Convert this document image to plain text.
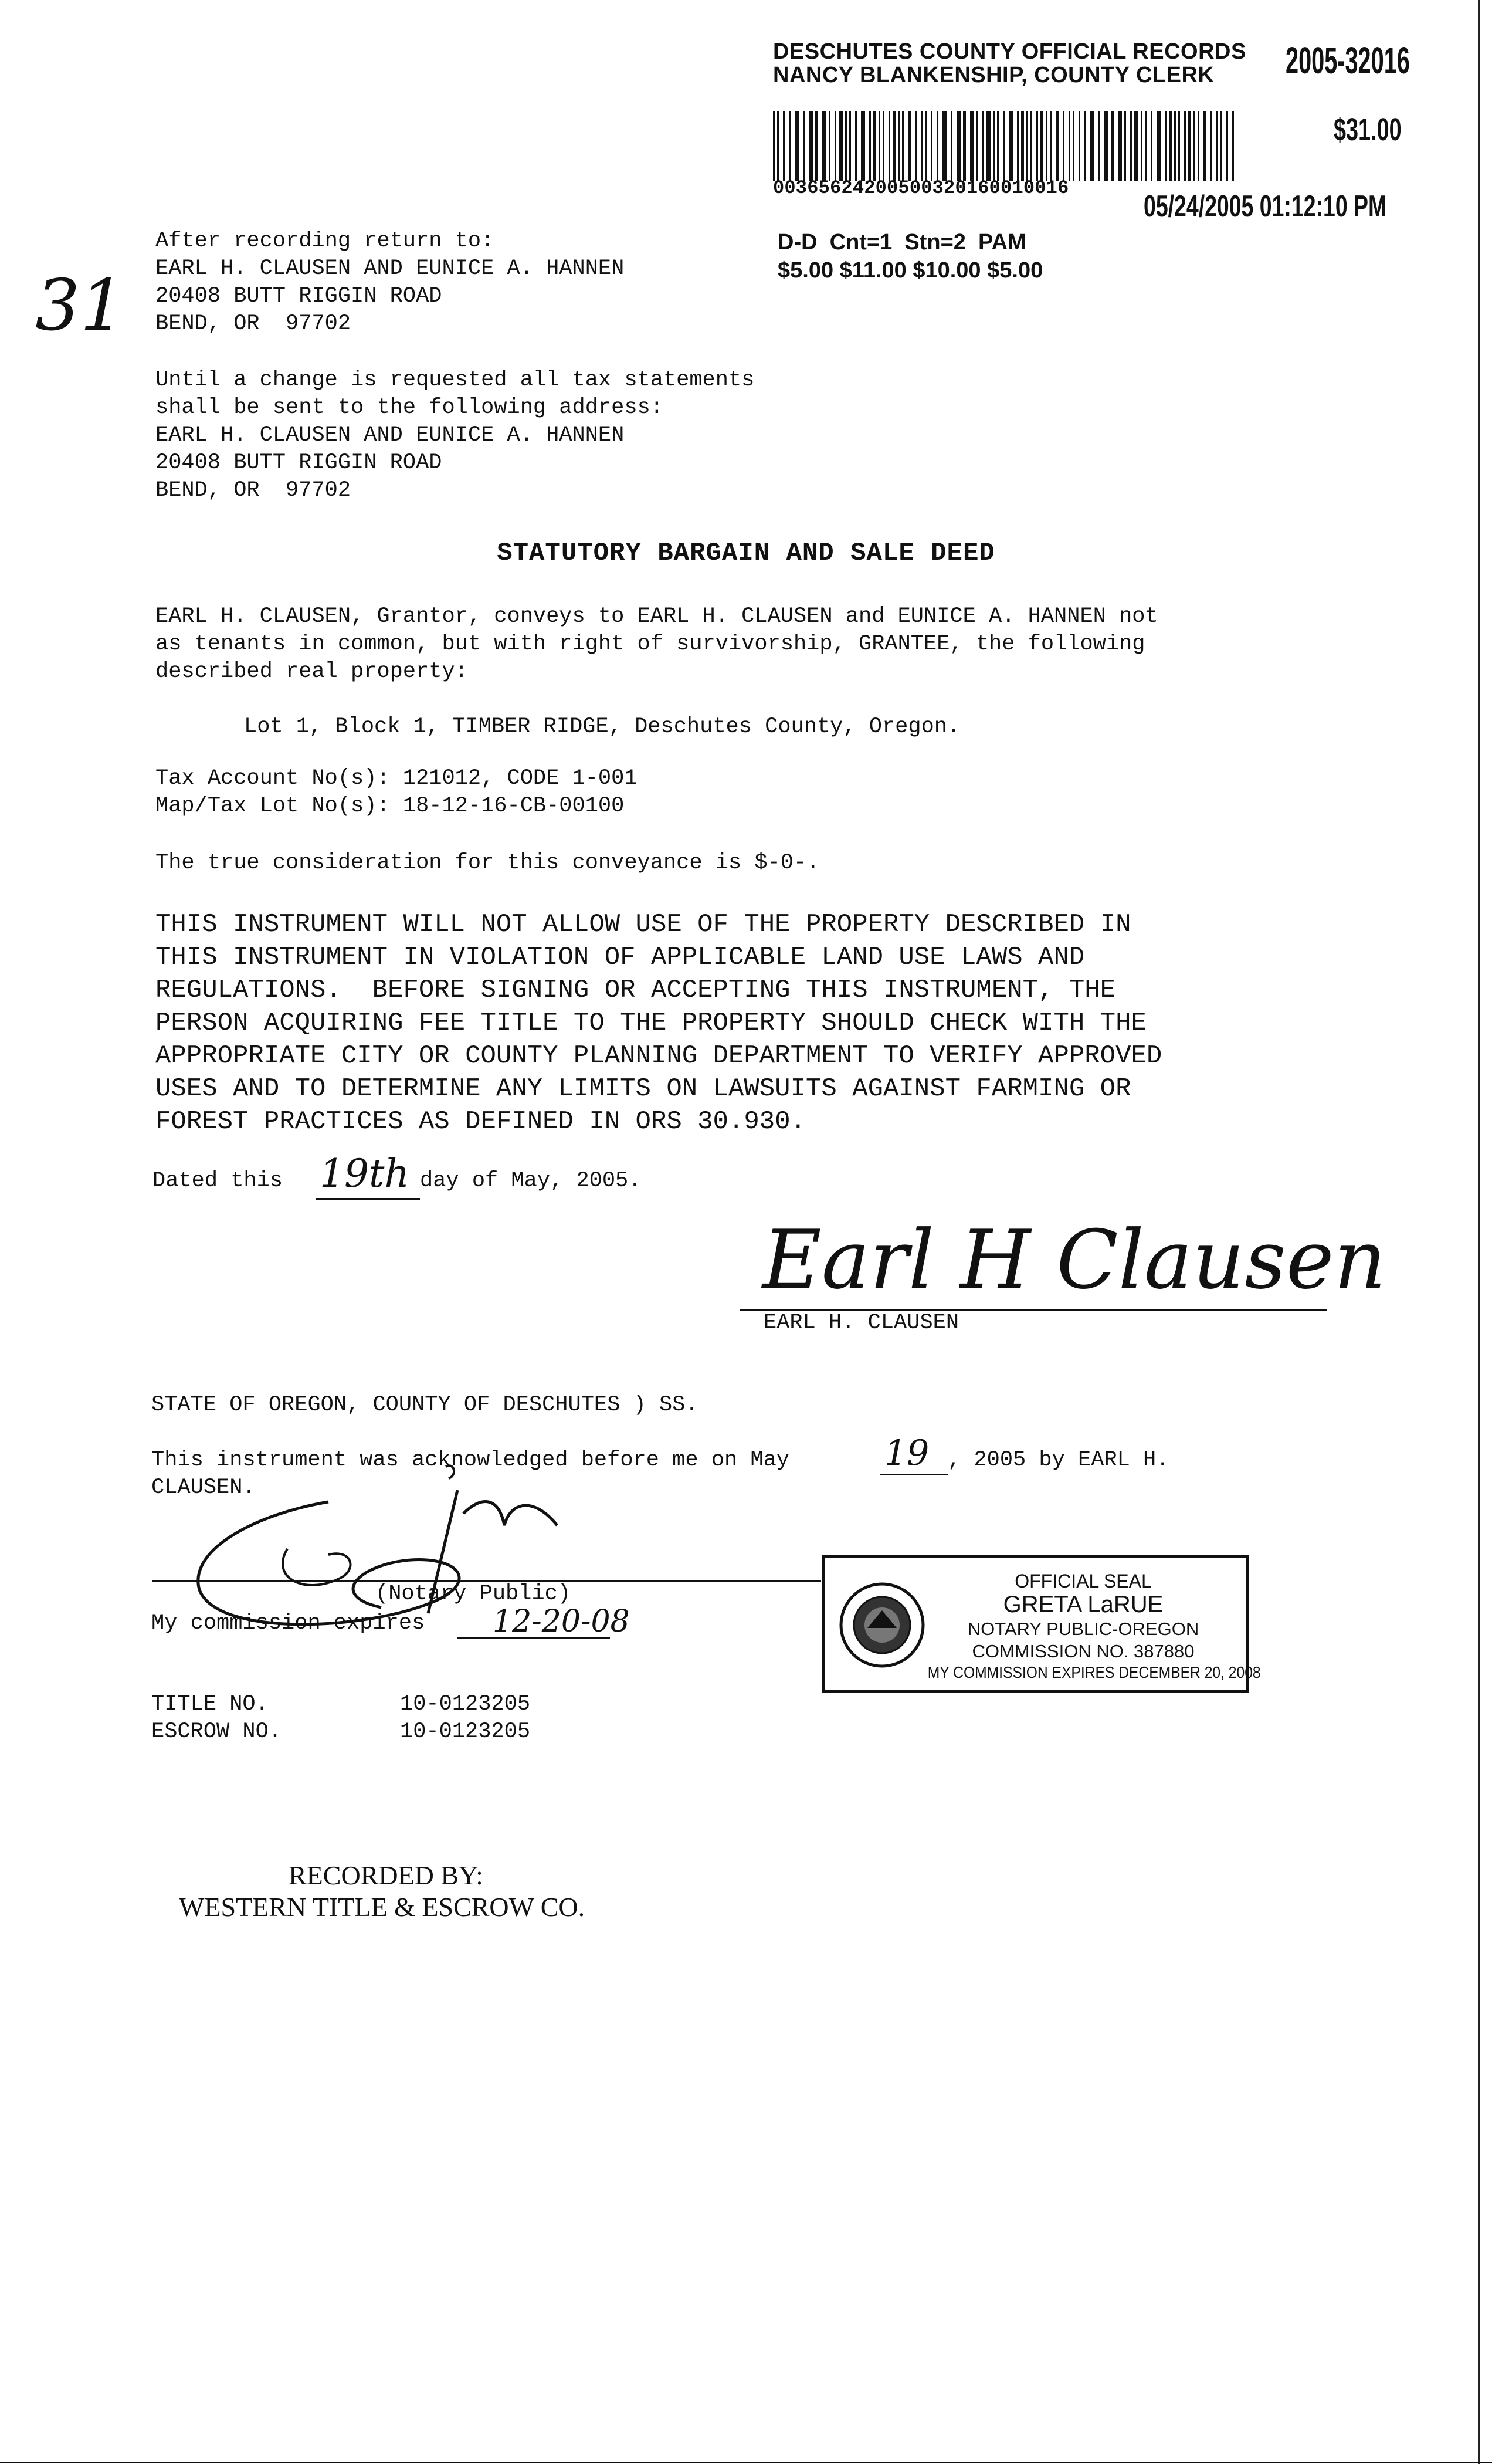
DESCHUTES COUNTY OFFICIAL RECORDS
NANCY BLANKENSHIP, COUNTY CLERK 2005-32016
$31.00
00365624200500320160010016
05/24/2005 01:12:10 PM
D-D  Cnt=1  Stn=2  PAM
$5.00 $11.00 $10.00 $5.00
31
After recording return to:
EARL H. CLAUSEN AND EUNICE A. HANNEN
20408 BUTT RIGGIN ROAD
BEND, OR  97702
Until a change is requested all tax statements
shall be sent to the following address:
EARL H. CLAUSEN AND EUNICE A. HANNEN
20408 BUTT RIGGIN ROAD
BEND, OR  97702
STATUTORY BARGAIN AND SALE DEED
EARL H. CLAUSEN, Grantor, conveys to EARL H. CLAUSEN and EUNICE A. HANNEN not
as tenants in common, but with right of survivorship, GRANTEE, the following
described real property:
Lot 1, Block 1, TIMBER RIDGE, Deschutes County, Oregon.
Tax Account No(s): 121012, CODE 1-001
Map/Tax Lot No(s): 18-12-16-CB-00100
The true consideration for this conveyance is $-0-.
THIS INSTRUMENT WILL NOT ALLOW USE OF THE PROPERTY DESCRIBED IN
THIS INSTRUMENT IN VIOLATION OF APPLICABLE LAND USE LAWS AND
REGULATIONS.  BEFORE SIGNING OR ACCEPTING THIS INSTRUMENT, THE
PERSON ACQUIRING FEE TITLE TO THE PROPERTY SHOULD CHECK WITH THE
APPROPRIATE CITY OR COUNTY PLANNING DEPARTMENT TO VERIFY APPROVED
USES AND TO DETERMINE ANY LIMITS ON LAWSUITS AGAINST FARMING OR
FOREST PRACTICES AS DEFINED IN ORS 30.930.
Dated this 19th day of May, 2005.
Earl H Clausen
EARL H. CLAUSEN
STATE OF OREGON, COUNTY OF DESCHUTES ) SS.
This instrument was acknowledged before me on May	19 , 2005 by EARL H.
CLAUSEN.
(Notary Public)
My commission expires 12-20-08
OFFICIAL SEAL
GRETA LaRUE
NOTARY PUBLIC-OREGON
COMMISSION NO. 387880
MY COMMISSION EXPIRES DECEMBER 20, 2008
TITLE NO.	10-0123205
ESCROW NO.	10-0123205
RECORDED BY:
WESTERN TITLE & ESCROW CO.
